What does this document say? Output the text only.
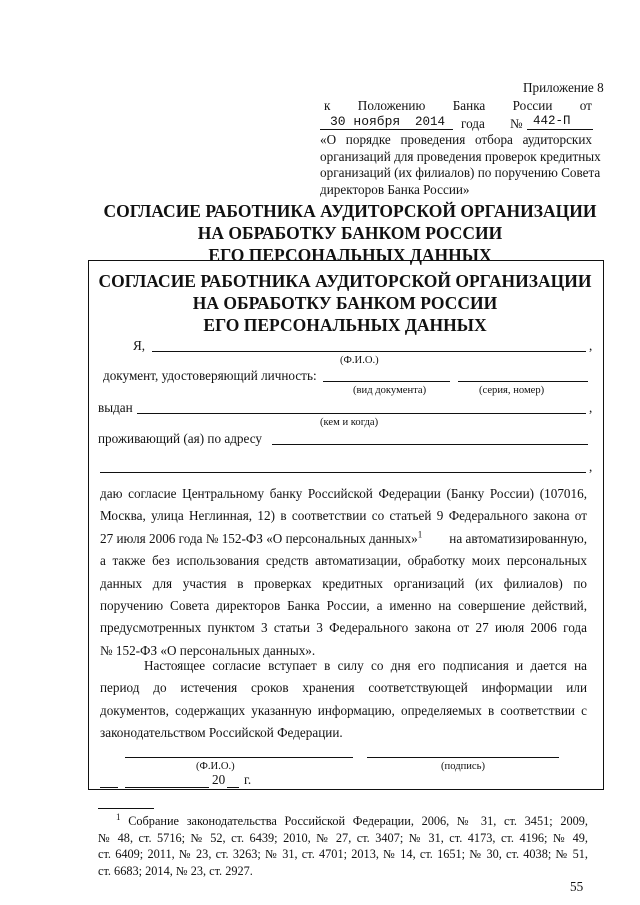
Приложение 8
к Положению Банка России от
30 ноября 2014 года № 442-П
«О порядке проведения отбора аудиторских
организаций для проведения проверок кредитных
организаций (их филиалов) по поручению Совета
директоров Банка России»
СОГЛАСИЕ РАБОТНИКА АУДИТОРСКОЙ ОРГАНИЗАЦИИ
НА ОБРАБОТКУ БАНКОМ РОССИИ
ЕГО ПЕРСОНАЛЬНЫХ ДАННЫХ
СОГЛАСИЕ РАБОТНИКА АУДИТОРСКОЙ ОРГАНИЗАЦИИ
НА ОБРАБОТКУ БАНКОМ РОССИИ
ЕГО ПЕРСОНАЛЬНЫХ ДАННЫХ
Я,	,
(Ф.И.О.)
документ, удостоверяющий личность:
(вид документа)	(серия, номер)
выдан	,
(кем и когда)
проживающий (ая) по адресу
,
даю согласие Центральному банку Российской Федерации (Банку России) (107016,
Москва, улица Неглинная, 12) в соответствии со статьей 9 Федерального закона от
27 июля 2006 года № 152-ФЗ «О персональных данных»$^1$ на автоматизированную,
а также без использования средств автоматизации, обработку моих персональных
данных для участия в проверках кредитных организаций (их филиалов) по
поручению Совета директоров Банка России, а именно на совершение действий,
предусмотренных пунктом 3 статьи 3 Федерального закона от 27 июля 2006 года
№ 152-ФЗ «О персональных данных».
Настоящее согласие вступает в силу со дня его подписания и дается на
период до истечения сроков хранения соответствующей информации или
документов, содержащих указанную информацию, определяемых в соответствии с
законодательством Российской Федерации.
(Ф.И.О.)	(подпись)
20 г.
$^1$ Собрание законодательства Российской Федерации, 2006, № 31, ст. 3451; 2009,
№ 48, ст. 5716; № 52, ст. 6439; 2010, № 27, ст. 3407; № 31, ст. 4173, ст. 4196; № 49,
ст. 6409; 2011, № 23, ст. 3263; № 31, ст. 4701; 2013, № 14, ст. 1651; № 30, ст. 4038; № 51,
ст. 6683; 2014, № 23, ст. 2927.
55
